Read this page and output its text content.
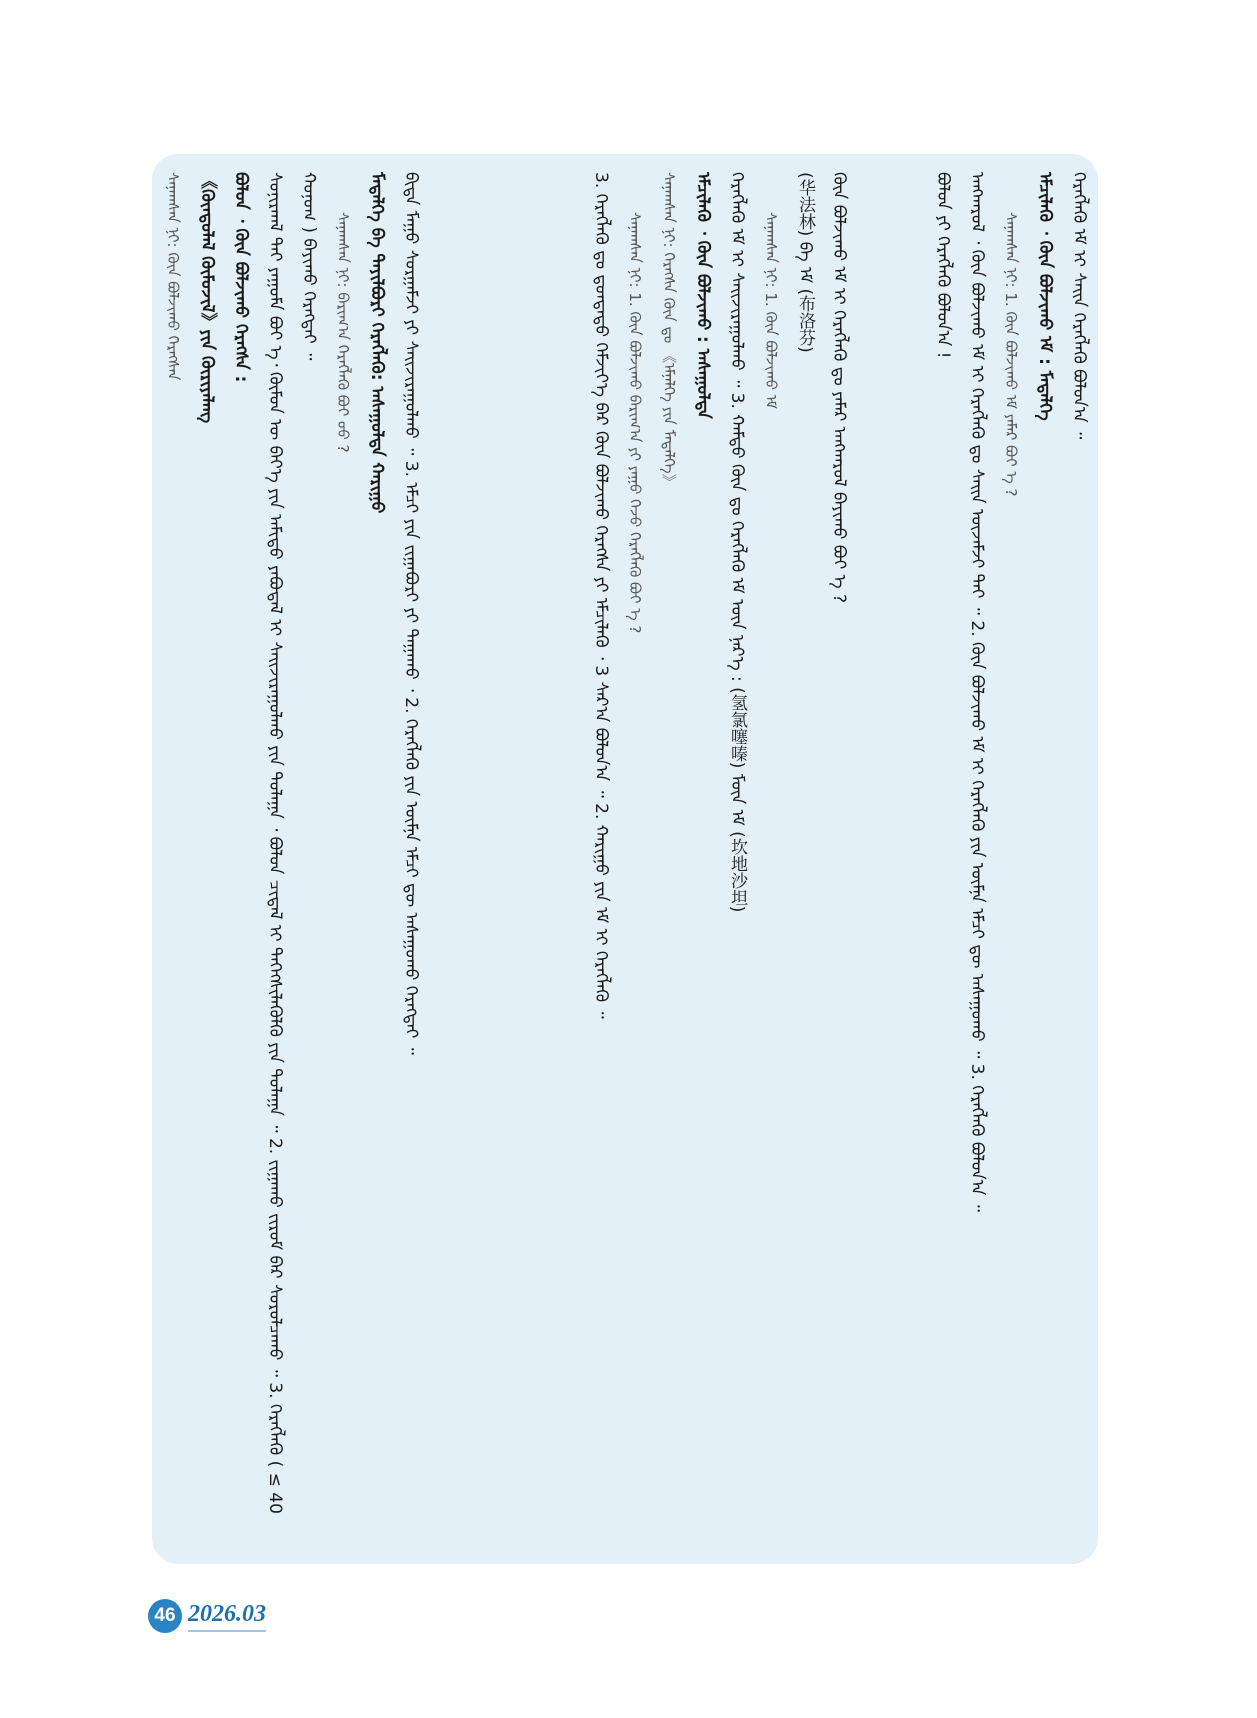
ᠰᠠᠨᠠᠭᠰᠠᠨ ᠨᠢ: ᠬᠦᠨ ᠪᠣᠯᠵᠢᠬᠤ ᠬᠡᠷᠡᠭᠰᠡᠨ 《ᠬᠦᠨᠳᠦᠯᠡᠯ ᠬᠦᠮᠦᠵᠢᠯ》ᠶᠢᠨ ᠬᠦᠷᠢᠶᠡᠯᠡᠩ ᠪᠣᠯᠣᠨ ᠂ ᠬᠦᠨ ᠪᠣᠯᠵᠢᠬᠤ ᠬᠡᠷᠡᠭᠰᠡ : ᠰᠣᠨᠢᠷᠬᠠᠯ ᠲᠠᠢ ᠶᠠᠭᠤᠮᠠ ᠪᠤᠢ ᠡ᠂ ᠬᠦᠮᠦᠨ ᠦ ᠪᠡᠶ᠎ᠡ ᠶᠢᠨ ᠠᠮᠢᠳᠤ ᠶᠠᠪᠤᠳᠠᠯ ᠢ ᠰᠠᠢᠵᠢᠷᠠᠭᠤᠯᠬᠤ ᠶᠢᠨ ᠲᠤᠯᠠᠭᠠ ᠂ ᠪᠣᠯᠣᠨ ᠴᠢᠳᠠᠯ ᠢ ᠳᠡᠭᠡᠭᠰᠢᠯᠡᠭᠦᠯᠬᠦ ᠶᠢᠨ ᠲᠤᠯᠠᠭᠠ ᠃ 2. ᠵᠢᠭᠠᠬᠤ ᠵᠢᠷᠤᠮ ᠪᠡᠷ ᠰᠤᠷᠤᠯᠴᠠᠬᠤ ᠃ 3. ᠬᠡᠷᠡᠭᠯᠡᠬᠦ ( ≤ 40 ᠬᠣᠨᠤᠭ ) ᠪᠠᠶᠢᠬᠤ ᠬᠡᠷᠡᠭᠲᠡᠢ ᠃	ᠰᠠᠨᠠᠭᠰᠠᠨ ᠨᠢ: ᠪᠠᠷᠢᠭ᠎ᠠ ᠬᠡᠷᠡᠭᠯᠡᠬᠦ ᠪᠤᠢ ᠤᠤ ? ᠮᠡᠳᠡᠯᠭᠡ ᠪᠡ ᠲᠠᠶᠢᠯᠪᠤᠷᠢ ᠬᠡᠷᠡᠭᠯᠡᠬᠦ: ᠠᠰᠠᠭᠤᠯᠲᠠ ᠬᠠᠷᠢᠭᠤ ᠪᠢᠳᠡ ᠮᠠᠭᠤ ᠰᠤᠷᠭᠠᠮᠵᠢ ᠶᠢ ᠰᠠᠢᠵᠢᠷᠠᠭᠤᠯᠬᠤ ᠃ 3. ᠡᠮᠴᠢ ᠶᠢᠨ ᠵᠢᠭᠠᠪᠤᠷᠢ ᠶᠢ ᠳᠠᠭᠠᠬᠤ ᠂ 2. ᠬᠡᠷᠡᠭᠯᠡᠬᠦ ᠶᠢᠨ ᠥᠮᠨᠡ ᠡᠮᠴᠢ ᠳᠦ ᠠᠰᠠᠭᠤᠬᠤ ᠬᠡᠷᠡᠭᠲᠡᠢ ᠃	3. ᠬᠡᠷᠡᠭᠯᠡᠬᠦ ᠳᠤ ᠳ᠋ᠤᠨᠳᠠᠳᠤ ᠬᠡᠮᠵᠢᠶ᠎ᠡ ᠪᠡᠷ ᠬᠦᠨ ᠪᠣᠯᠵᠢᠬᠤ ᠬᠡᠷᠡᠭᠰᠡ ᠶᠢ ᠡᠮᠴᠢᠯᠡᠬᠦ ᠂ 3 ᠰᠠᠷ᠎ᠠ ᠪᠣᠯᠤᠨ᠎ᠠ ᠃ 2. ᠬᠠᠷᠢᠭᠤ ᠶᠢᠨ ᠡᠮ ᠢ ᠬᠡᠷᠡᠭᠯᠡᠬᠦ ᠃	ᠰᠠᠨᠠᠭᠰᠠᠨ ᠨᠢ: 1. ᠬᠦᠨ ᠪᠣᠯᠵᠢᠬᠤ ᠪᠠᠷᠢᠭ᠎ᠠ ᠶᠢ ᠶᠠᠭᠤ ᠭᠡᠵᠦ ᠬᠡᠷᠡᠭᠯᠡᠬᠦ ᠪᠤᠢ ᠡ ?	ᠰᠠᠨᠠᠭᠰᠠᠨ ᠨᠢ: ᠬᠡᠷᠡᠭᠰᠡ ᠬᠦᠨ ᠳᠤ 《ᠡᠮᠨᠡᠯᠭᠡ ᠶᠢᠨ ᠮᠡᠳᠡᠯᠭᠡ》 ᠡᠮᠴᠢᠯᠡᠬᠦ ᠂ ᠬᠦᠨ ᠪᠣᠯᠵᠢᠬᠤ : ᠠᠰᠠᠭᠤᠯᠲᠠ ᠬᠡᠷᠡᠭᠯᠡᠬᠦ ᠡᠮ ᠢ ᠰᠠᠢᠵᠢᠷᠠᠭᠤᠯᠬᠤ ᠃ 3. ᠬᠠᠮᠲᠤ ᠬᠦᠨ ᠳᠤ ᠬᠡᠷᠡᠭᠯᠡᠬᠦ ᠡᠮ ᠦᠨ ᠨᠡᠷ᠎ᠡ : (氢氯噻嗪) ᠮᠥᠨ ᠡᠮ (坎地沙坦)

ᠰᠠᠨᠠᠭᠰᠠᠨ ᠨᠢ: 1. ᠬᠦᠨ ᠪᠣᠯᠵᠢᠬᠤ ᠡᠮ

(华法林) ᠪᠠ ᠡᠮ (布洛芬) ᠬᠦᠨ ᠪᠣᠯᠵᠢᠬᠤ ᠡᠮ ᠢ ᠬᠡᠷᠡᠭᠯᠡᠬᠦ ᠳᠤ ᠶᠠᠮᠠᠷ ᠠᠩᠬᠠᠷᠤᠯ ᠪᠠᠶᠢᠬᠤ ᠪᠤᠢ ᠡ ?	ᠪᠣᠯᠣᠨ ᠶᠢ ᠬᠡᠷᠡᠭᠯᠡᠬᠦ ᠪᠣᠯᠤᠨ᠎ᠠ ! ᠠᠩᠬᠠᠷᠤᠯ ᠂ ᠬᠦᠨ ᠪᠣᠯᠵᠢᠬᠤ ᠡᠮ ᠢ ᠬᠡᠷᠡᠭᠯᠡᠬᠦ ᠳᠤ ᠰᠠᠢᠨ ᠦᠵᠡᠮᠵᠢ ᠲᠠᠢ ᠃ 2. ᠬᠦᠨ ᠪᠣᠯᠵᠢᠬᠤ ᠡᠮ ᠢ ᠬᠡᠷᠡᠭᠯᠡᠬᠦ ᠶᠢᠨ ᠥᠮᠨᠡ ᠡᠮᠴᠢ ᠳᠦ ᠠᠰᠠᠭᠤᠬᠤ ᠃ 3. ᠬᠡᠷᠡᠭᠯᠡᠬᠦ ᠪᠣᠯᠤᠨ᠎ᠠ ᠃	ᠰᠠᠨᠠᠭᠰᠠᠨ ᠨᠢ: 1. ᠬᠦᠨ ᠪᠣᠯᠵᠢᠬᠤ ᠡᠮ ᠶᠠᠮᠠᠷ ᠪᠤᠢ ᠡ ? ᠡᠮᠴᠢᠯᠡᠬᠦ ᠂ ᠬᠦᠨ ᠪᠣᠯᠵᠢᠬᠤ ᠡᠮ : ᠮᠡᠳᠡᠯᠭᠡ ᠬᠡᠷᠡᠭᠯᠡᠬᠦ ᠡᠮ ᠢ ᠰᠠᠢᠨ ᠬᠡᠷᠡᠭᠯᠡᠬᠦ ᠪᠣᠯᠤᠨ᠎ᠠ ᠃

46 2026.03
